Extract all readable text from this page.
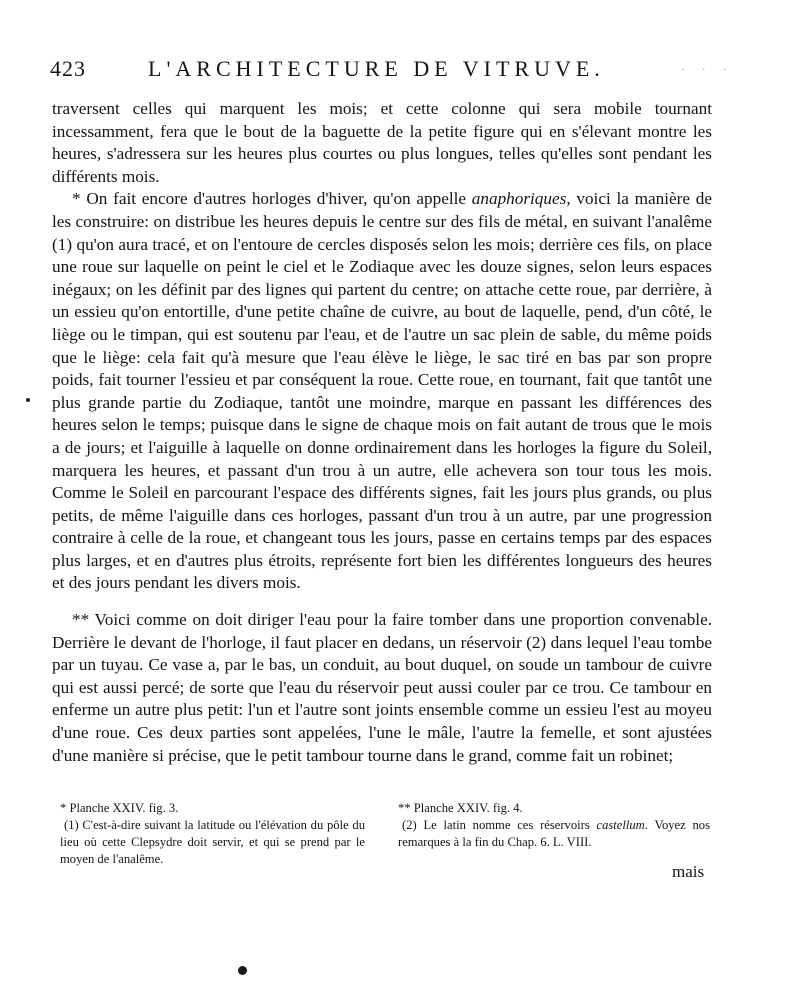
423	L'ARCHITECTURE DE VITRUVE.	. . .

traversent celles qui marquent les mois; et cette colonne qui sera mobile tournant incessamment, fera que le bout de la baguette de la petite figure qui en s'élevant montre les heures, s'adressera sur les heures plus courtes ou plus longues, telles qu'elles sont pendant les différents mois.

* On fait encore d'autres horloges d'hiver, qu'on appelle anaphoriques, voici la manière de les construire: on distribue les heures depuis le centre sur des fils de métal, en suivant l'analême (1) qu'on aura tracé, et on l'entoure de cercles disposés selon les mois; derrière ces fils, on place une roue sur laquelle on peint le ciel et le Zodiaque avec les douze signes, selon leurs espaces inégaux; on les définit par des lignes qui partent du centre; on attache cette roue, par derrière, à un essieu qu'on entortille, d'une petite chaîne de cuivre, au bout de laquelle, pend, d'un côté, le liège ou le timpan, qui est soutenu par l'eau, et de l'autre un sac plein de sable, du même poids que le liège: cela fait qu'à mesure que l'eau élève le liège, le sac tiré en bas par son propre poids, fait tourner l'essieu et par conséquent la roue. Cette roue, en tournant, fait que tantôt une plus grande partie du Zodiaque, tantôt une moindre, marque en passant les différences des heures selon le temps; puisque dans le signe de chaque mois on fait autant de trous que le mois a de jours; et l'aiguille à laquelle on donne ordinairement dans les horloges la figure du Soleil, marquera les heures, et passant d'un trou à un autre, elle achevera son tour tous les mois. Comme le Soleil en parcourant l'espace des différents signes, fait les jours plus grands, ou plus petits, de même l'aiguille dans ces horloges, passant d'un trou à un autre, par une progression contraire à celle de la roue, et changeant tous les jours, passe en certains temps par des espaces plus larges, et en d'autres plus étroits, représente fort bien les différentes longueurs des heures et des jours pendant les divers mois.

** Voici comme on doit diriger l'eau pour la faire tomber dans une proportion convenable. Derrière le devant de l'horloge, il faut placer en dedans, un réservoir (2) dans lequel l'eau tombe par un tuyau. Ce vase a, par le bas, un conduit, au bout duquel, on soude un tambour de cuivre qui est aussi percé; de sorte que l'eau du réservoir peut aussi couler par ce trou. Ce tambour en enferme un autre plus petit: l'un et l'autre sont joints ensemble comme un essieu l'est au moyeu d'une roue. Ces deux parties sont appelées, l'une le mâle, l'autre la femelle, et sont ajustées d'une manière si précise, que le petit tambour tourne dans le grand, comme fait un robinet;

* Planche XXIV. fig. 3.

(1) C'est-à-dire suivant la latitude ou l'élévation du pôle du lieu où cette Clepsydre doit servir, et qui se prend par le moyen de l'analême.

** Planche XXIV. fig. 4.

(2) Le latin nomme ces réservoirs castellum. Voyez nos remarques à la fin du Chap. 6. L. VIII.

mais
